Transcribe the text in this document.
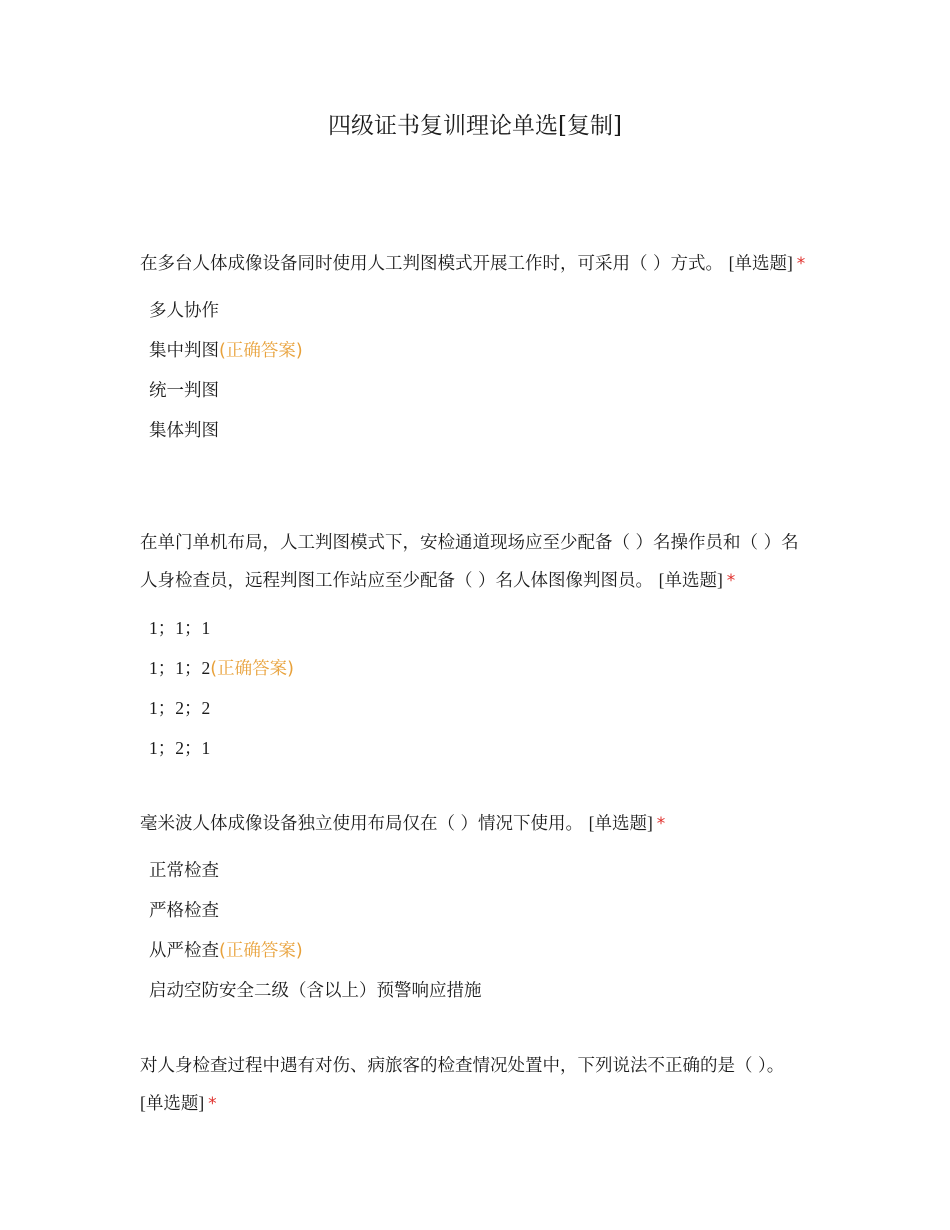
四级证书复训理论单选[复制]

在多台人体成像设备同时使用人工判图模式开展工作时，可采用（ ）方式。 [单选题] *

多人协作
集中判图(正确答案)
统一判图
集体判图

在单门单机布局，人工判图模式下，安检通道现场应至少配备（ ）名操作员和（ ）名人身检查员，远程判图工作站应至少配备（ ）名人体图像判图员。 [单选题] *

1；1；1
1；1；2(正确答案)
1；2；2
1；2；1

毫米波人体成像设备独立使用布局仅在（ ）情况下使用。 [单选题] *

正常检查
严格检查
从严检查(正确答案)
启动空防安全二级（含以上）预警响应措施

对人身检查过程中遇有对伤、病旅客的检查情况处置中，下列说法不正确的是（ ）。 [单选题] *
